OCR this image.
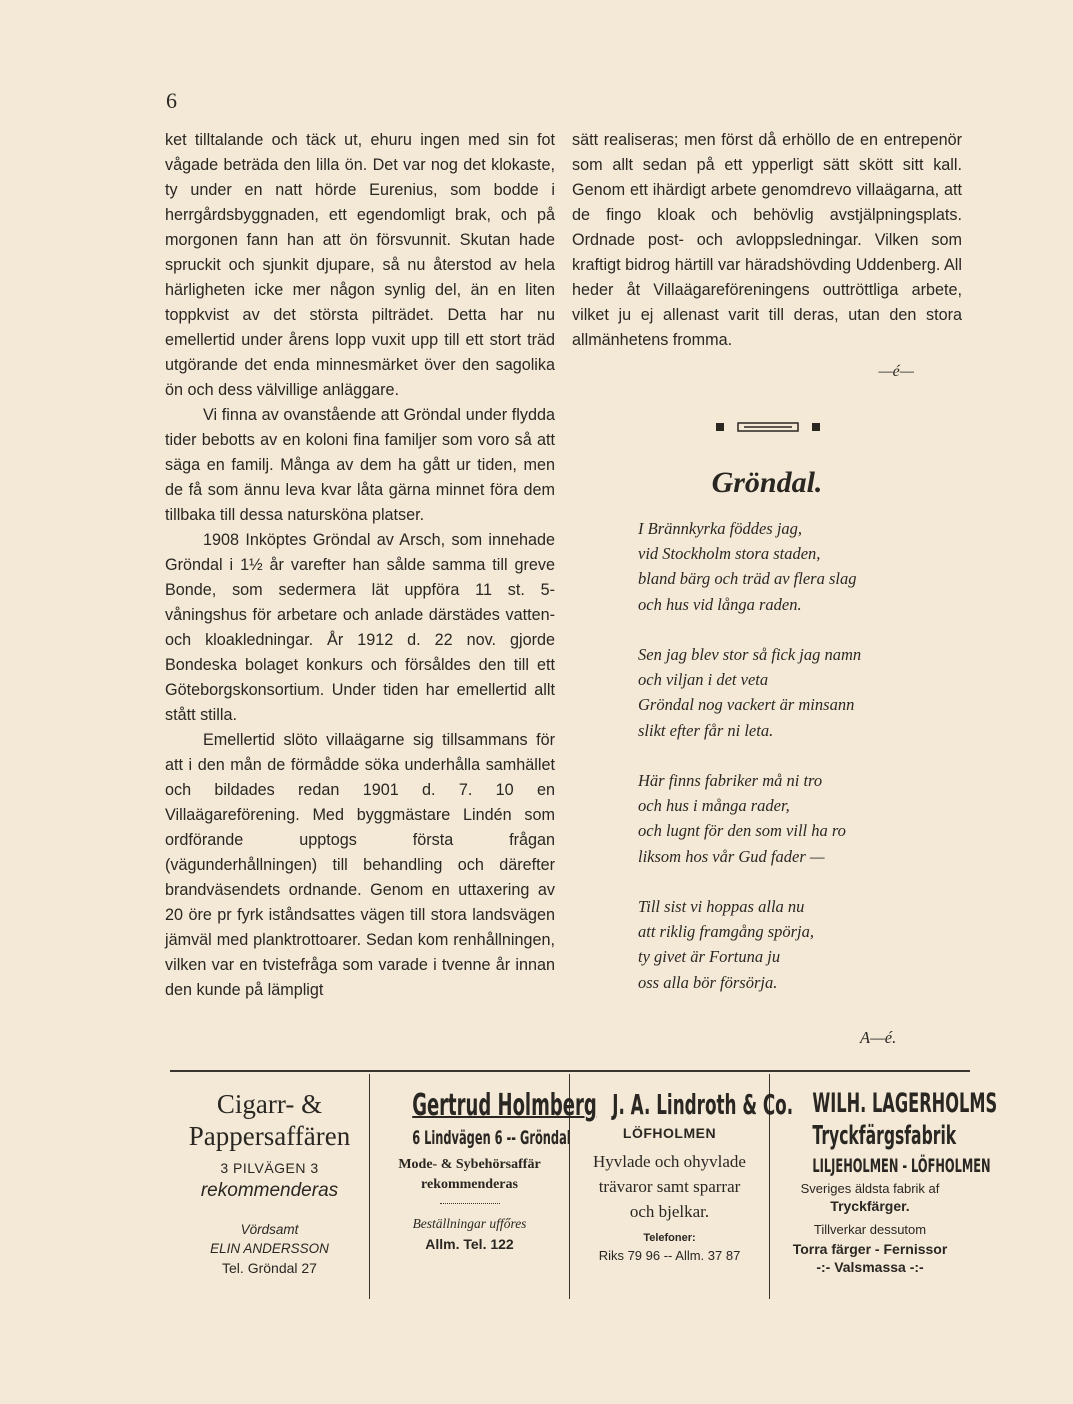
6

ket tilltalande och täck ut, ehuru ingen med sin fot vågade beträda den lilla ön. Det var nog det klokaste, ty under en natt hörde Eurenius, som bodde i herrgårdsbyggnaden, ett egendomligt brak, och på morgonen fann han att ön försvunnit. Skutan hade spruckit och sjunkit djupare, så nu återstod av hela härligheten icke mer någon synlig del, än en liten toppkvist av det största pilträdet. Detta har nu emellertid under årens lopp vuxit upp till ett stort träd utgörande det enda minnesmärket över den sagolika ön och dess välvillige anläggare.

Vi finna av ovanstående att Gröndal under flydda tider bebotts av en koloni fina familjer som voro så att säga en familj. Många av dem ha gått ur tiden, men de få som ännu leva kvar låta gärna minnet föra dem tillbaka till dessa natursköna platser.

1908 Inköptes Gröndal av Arsch, som innehade Gröndal i 1½ år varefter han sålde samma till greve Bonde, som sedermera lät uppföra 11 st. 5-våningshus för arbetare och anlade därstädes vatten- och kloakledningar. År 1912 d. 22 nov. gjorde Bondeska bolaget konkurs och försåldes den till ett Göteborgskonsortium. Under tiden har emellertid allt stått stilla.

Emellertid slöto villaägarne sig tillsammans för att i den mån de förmådde söka underhålla samhället och bildades redan 1901 d. 7. 10 en Villaägareförening. Med byggmästare Lindén som ordförande upptogs första frågan (vägunderhållningen) till behandling och därefter brandväsendets ordnande. Genom en uttaxering av 20 öre pr fyrk iståndsattes vägen till stora landsvägen jämväl med planktrottoarer. Sedan kom renhållningen, vilken var en tvistefråga som varade i tvenne år innan den kunde på lämpligt

sätt realiseras; men först då erhöllo de en entrepenör som allt sedan på ett ypperligt sätt skött sitt kall. Genom ett ihärdigt arbete genomdrevo villaägarna, att de fingo kloak och behövlig avstjälpningsplats. Ordnade post- och avloppsledningar. Vilken som kraftigt bidrog härtill var häradshövding Uddenberg. All heder åt Villaägareföreningens outtröttliga arbete, vilket ju ej allenast varit till deras, utan den stora allmänhetens fromma.

—é—
Gröndal.
I Brännkyrka föddes jag,
vid Stockholm stora staden,
bland bärg och träd av flera slag
och hus vid långa raden.
Sen jag blev stor så fick jag namn
och viljan i det veta
Gröndal nog vackert är minsann
slikt efter får ni leta.
Här finns fabriker må ni tro
och hus i många rader,
och lugnt för den som vill ha ro
liksom hos vår Gud fader —
Till sist vi hoppas alla nu
att riklig framgång spörja,
ty givet är Fortuna ju
oss alla bör försörja.
A—é.
Cigarr- &
Pappersaffären
3 PILVÄGEN 3
rekommenderas
Vördsamt
ELIN ANDERSSON
Tel. Gröndal 27
Gertrud Holmberg
6 Lindvägen 6 -- Gröndal
Mode- & Sybehörsaffär
rekommenderas
Beställningar uffőres
Allm. Tel. 122
J. A. Lindroth & Co.
LÖFHOLMEN
Hyvlade och ohyvlade
trävaror samt sparrar
och bjelkar.
Telefoner:
Riks 79 96 -- Allm. 37 87
WILH. LAGERHOLMS
Tryckfärgsfabrik
LILJEHOLMEN - LÖFHOLMEN
Sveriges äldsta fabrik af
Tryckfärger.
Tillverkar dessutom
Torra färger - Fernissor
-:- Valsmassa -:-
